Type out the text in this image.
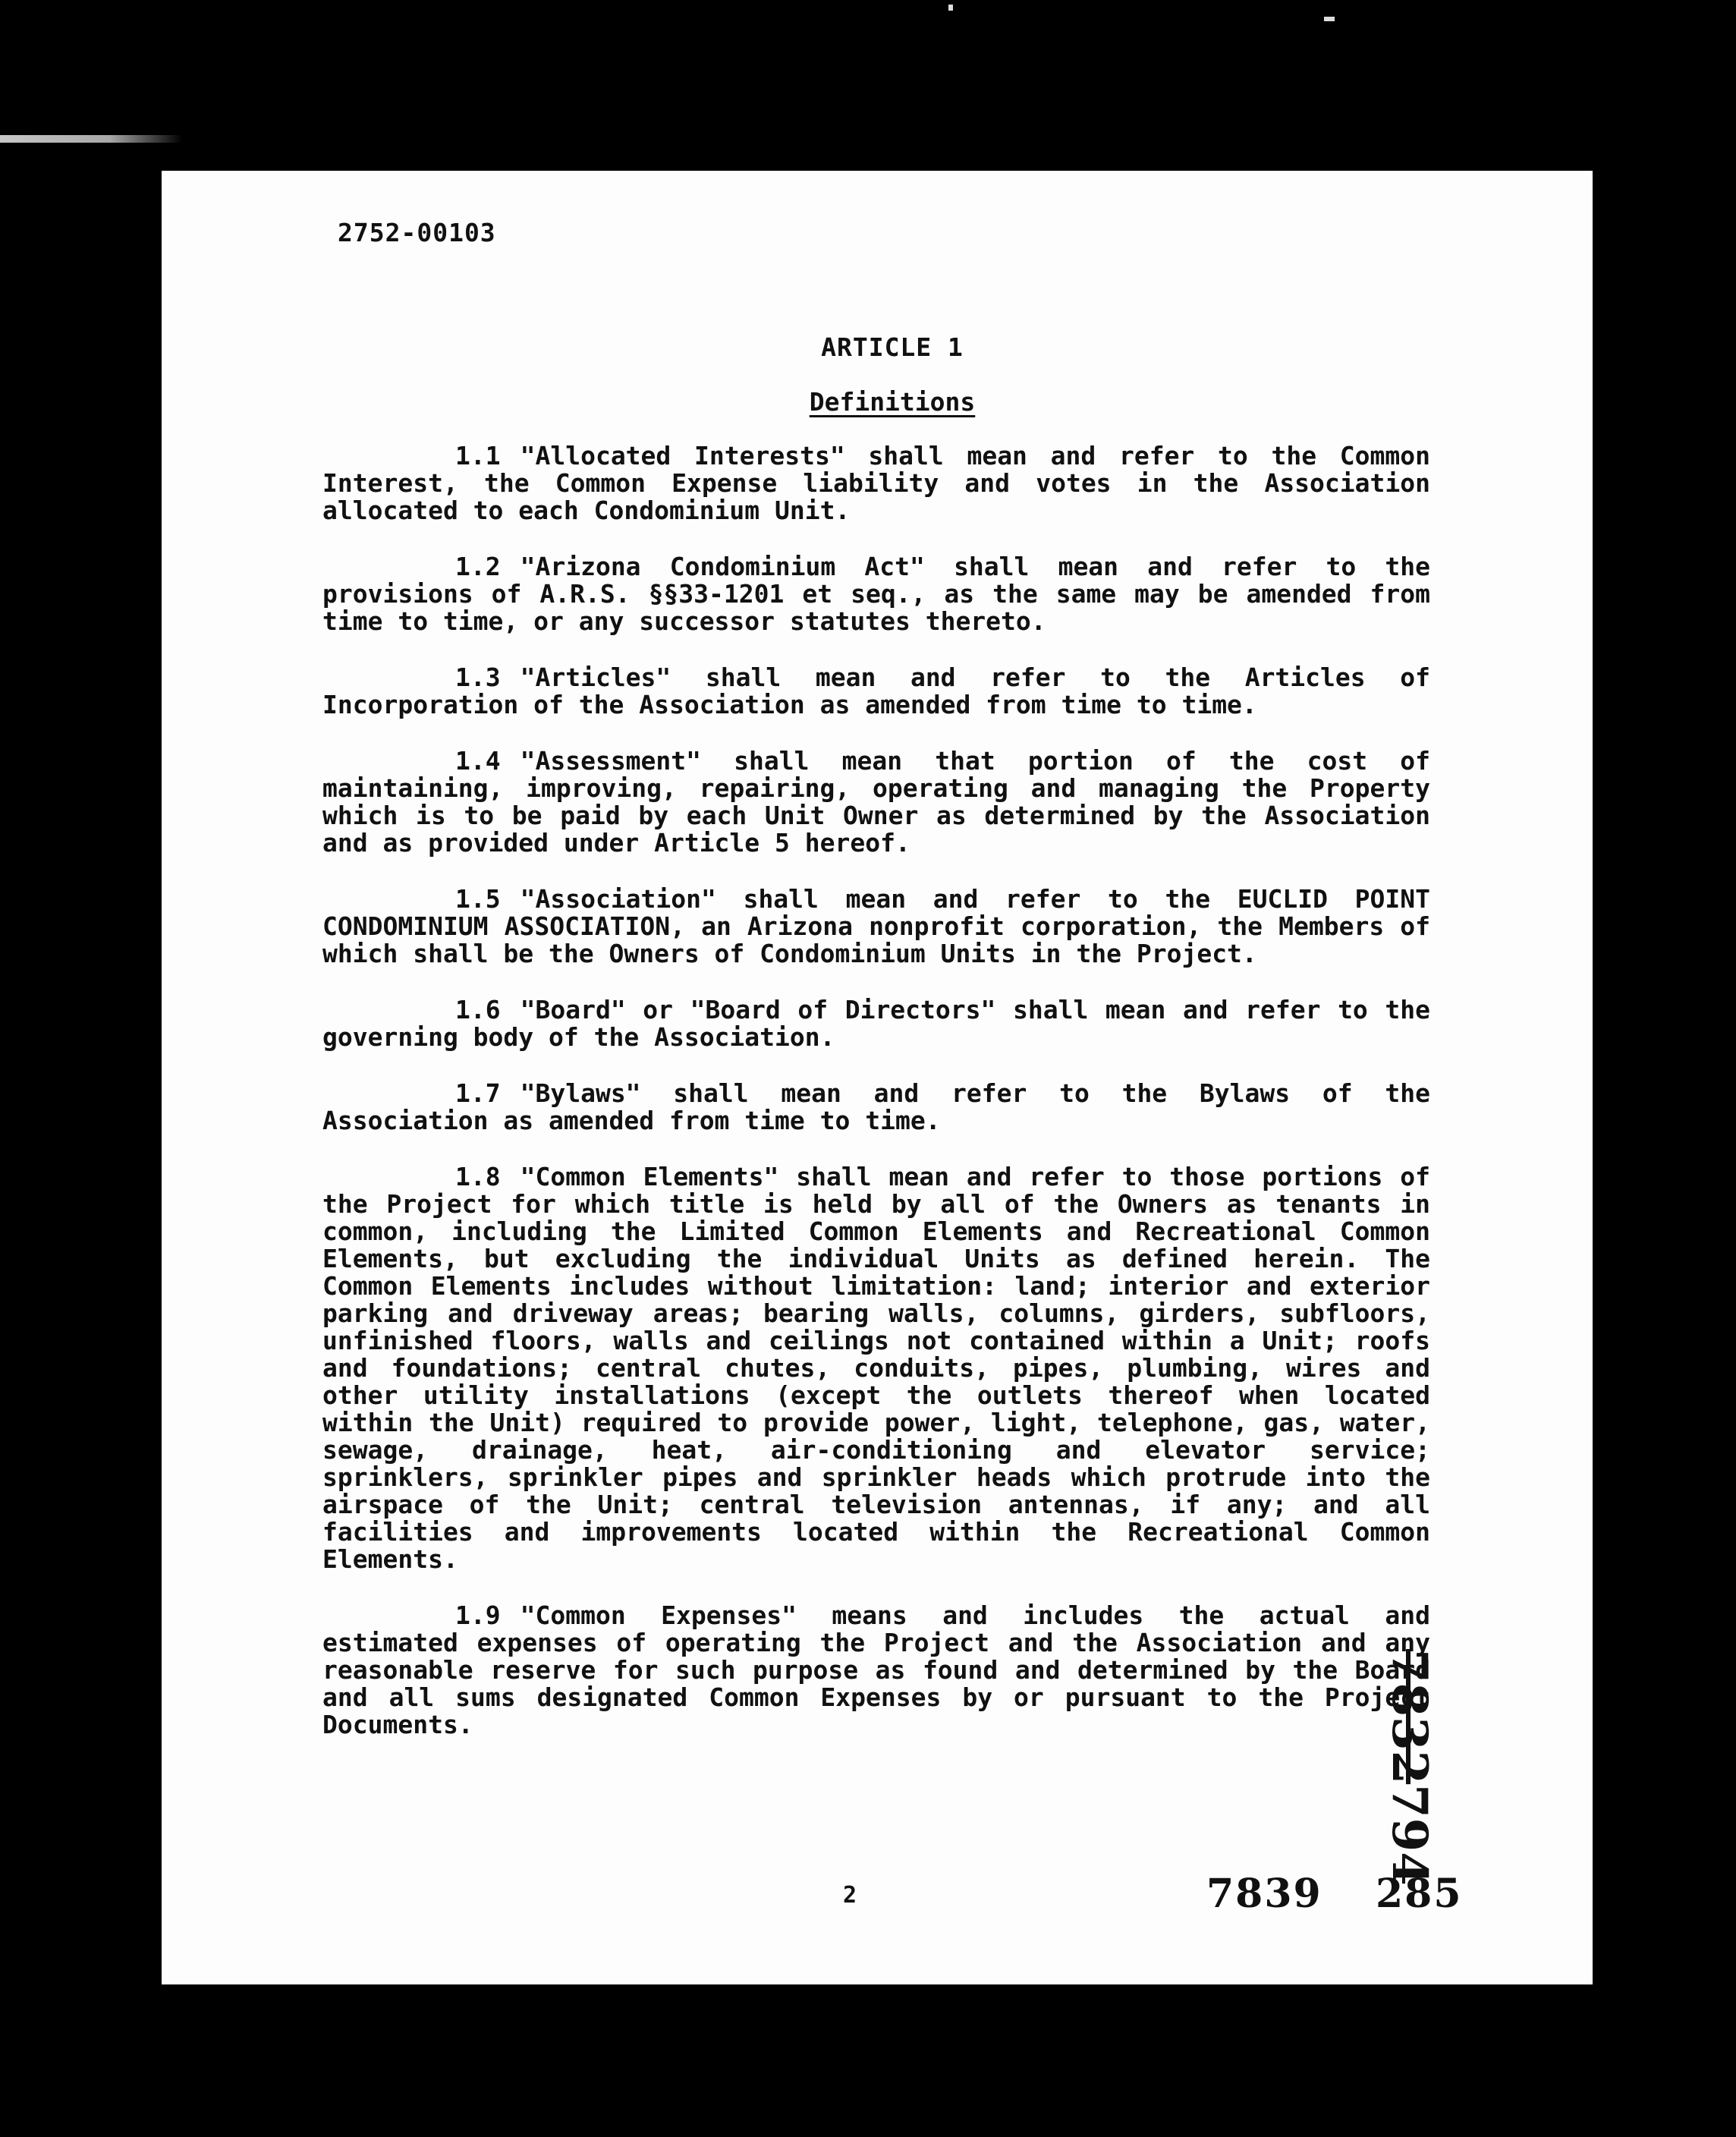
2752-00103

ARTICLE 1
Definitions
1.1 "Allocated Interests" shall mean and refer to the Common Interest, the Common Expense liability and votes in the Association allocated to each Condominium Unit.
1.2 "Arizona Condominium Act" shall mean and refer to the provisions of A.R.S. §§33-1201 et seq., as the same may be amended from time to time, or any successor statutes thereto.
1.3 "Articles" shall mean and refer to the Articles of Incorporation of the Association as amended from time to time.
1.4 "Assessment" shall mean that portion of the cost of maintaining, improving, repairing, operating and managing the Property which is to be paid by each Unit Owner as determined by the Association and as provided under Article 5 hereof.
1.5 "Association" shall mean and refer to the EUCLID POINT CONDOMINIUM ASSOCIATION, an Arizona nonprofit corporation, the Members of which shall be the Owners of Condominium Units in the Project.
1.6 "Board" or "Board of Directors" shall mean and refer to the governing body of the Association.
1.7 "Bylaws" shall mean and refer to the Bylaws of the Association as amended from time to time.
1.8 "Common Elements" shall mean and refer to those portions of the Project for which title is held by all of the Owners as tenants in common, including the Limited Common Elements and Recreational Common Elements, but excluding the individual Units as defined herein. The Common Elements includes without limitation: land; interior and exterior parking and driveway areas; bearing walls, columns, girders, subfloors, unfinished floors, walls and ceilings not contained within a Unit; roofs and foundations; central chutes, conduits, pipes, plumbing, wires and other utility installations (except the outlets thereof when located within the Unit) required to provide power, light, telephone, gas, water, sewage, drainage, heat, air-conditioning and elevator service; sprinklers, sprinkler pipes and sprinkler heads which protrude into the airspace of the Unit; central television antennas, if any; and all facilities and improvements located within the Recreational Common Elements.
1.9 "Common Expenses" means and includes the actual and estimated expenses of operating the Project and the Association and any reasonable reserve for such purpose as found and determined by the Board and all sums designated Common Expenses by or pursuant to the Project Documents.

2	7839 285

7832794
